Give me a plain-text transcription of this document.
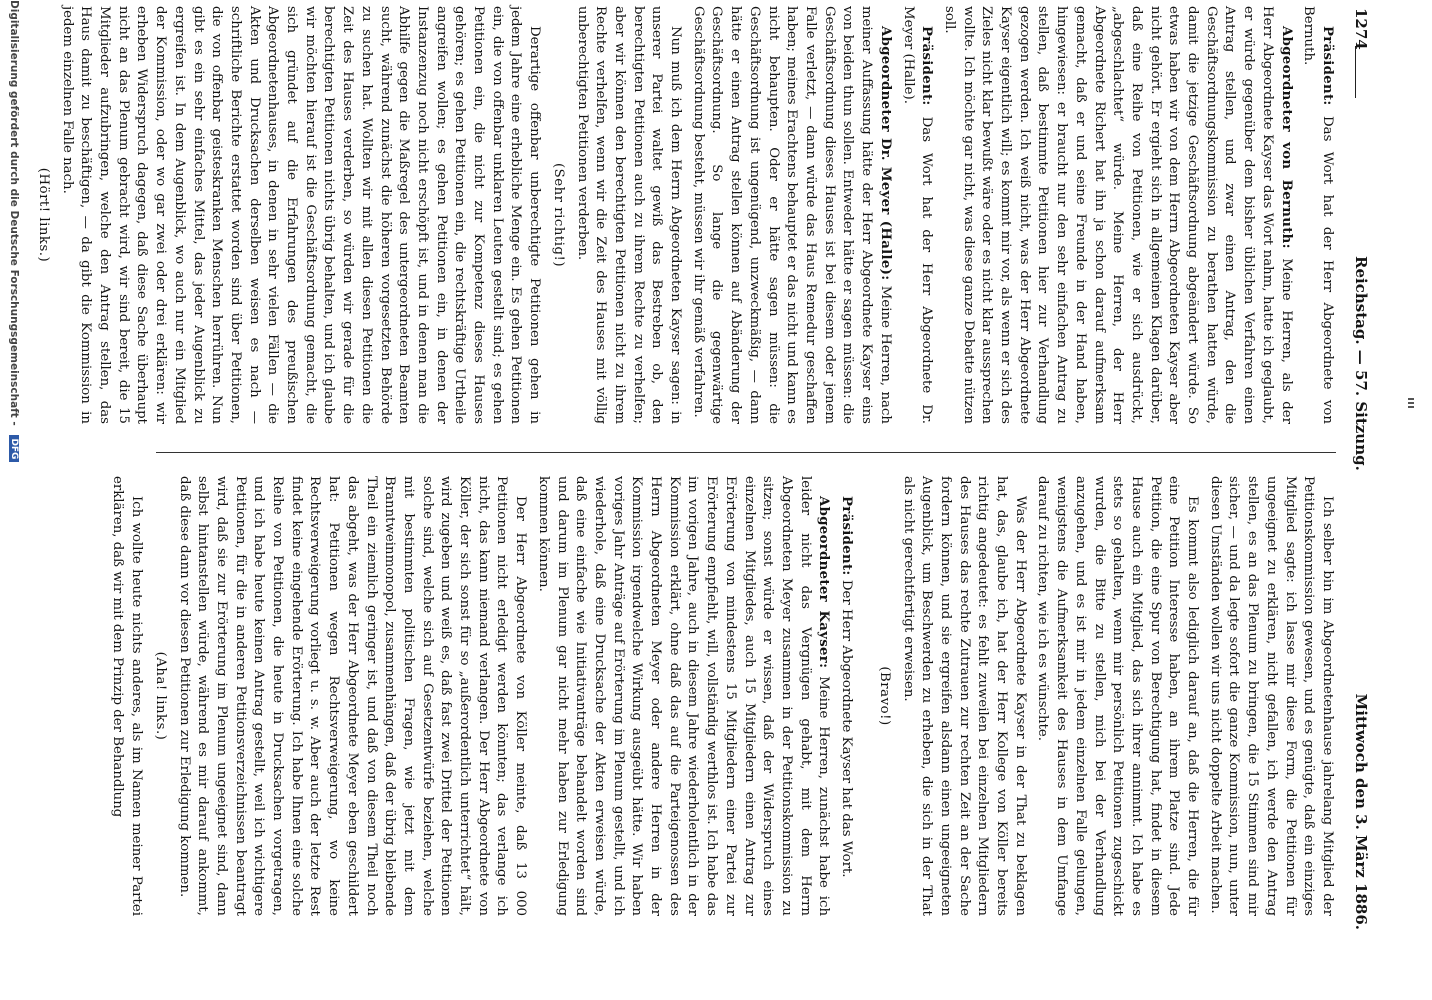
1274
Reichstag. — 57. Sitzung.
Mittwoch den 3. März 1886.

Präsident: Das Wort hat der Herr Abgeordnete von Bernuth.

Abgeordneter von Bernuth: Meine Herren, als der Herr Abgeordnete Kayser das Wort nahm, hatte ich geglaubt, er würde gegenüber dem bisher üblichen Verfahren einen Antrag stellen, und zwar einen Antrag, den die Geschäftsordnungskommission zu berathen hatten würde, damit die jetzige Geschäftsordnung abgeändert würde. So etwas haben wir von dem Herrn Abgeordneten Kayser aber nicht gehört. Er ergieht sich in allgemeinen Klagen darüber, daß eine Reihe von Petitionen, wie er sich ausdrückt, „abgeschlachtet“ würde. Meine Herren, der Herr Abgeordnete Richert hat ihn ja schon darauf aufmerksam gemacht, daß er und seine Freunde in der Hand haben, hingewiesen: er braucht nur den sehr einfachen Antrag zu stellen, daß bestimmte Petitionen hier zur Verhandlung gezogen werden. Ich weiß nicht, was der Herr Abgeordnete Kayser eigentlich will; es kommt mir vor, als wenn er sich des Zieles nicht klar bewußt wäre oder es nicht klar aussprechen wollte. Ich möchte gar nicht, was diese ganze Debatte nützen soll.

Präsident: Das Wort hat der Herr Abgeordnete Dr. Meyer (Halle).

Abgeordneter Dr. Meyer (Halle): Meine Herren, nach meiner Auffassung hätte der Herr Abgeordnete Kayser eins von beiden thun sollen. Entweder hätte er sagen müssen: die Geschäftsordnung dieses Hauses ist bei diesem oder jenem Falle verletzt, — dann würde das Haus Remedur geschaffen haben; meines Erachtens behauptet er das nicht und kann es nicht behaupten. Oder er hätte sagen müssen: die Geschäftsordnung ist ungenügend, unzweckmäßig, — dann hätte er einen Antrag stellen können auf Abänderung der Geschäftsordnung. So lange die gegenwärtige Geschäftsordnung besteht, müssen wir ihr gemäß verfahren.

Nun muß ich dem Herrn Abgeordneten Kayser sagen: in unserer Partei waltet gewiß das Bestreben ob, den berechtigten Petitionen auch zu ihrem Rechte zu verhelfen; aber wir können den berechtigten Petitionen nicht zu ihrem Rechte verhelfen, wenn wir die Zeit des Hauses mit völlig unberechtigten Petitionen verderben.

(Sehr richtig!)

Derartige offenbar unberechtigte Petitionen gehen in jedem Jahre eine erhebliche Menge ein. Es gehen Petitionen ein, die von offenbar unklaren Leuten gestellt sind; es gehen Petitionen ein, die nicht zur Kompetenz dieses Hauses gehören; es gehen Petitionen ein, die rechtskräftige Urtheile angreifen wollen; es gehen Petitionen ein, in denen der Instanzenzug noch nicht erschöpft ist, und in denen man die Abhilfe gegen die Maßregel des untergeordneten Beamten sucht, während zunächst die höheren vorgesetzten Behörde zu suchen hat. Wollten wir mit allen diesen Petitionen die Zeit des Hauses verderben, so würden wir gerade für die berechtigten Petitionen nichts übrig behalten, und ich glaube wir möchten hierauf ist die Geschäftsordnung gemacht, die sich gründet auf die Erfahrungen des preußischen Abgeordnetenhauses, in denen in sehr vielen Fällen — die Akten und Drucksachen derselben weisen es nach — schriftliche Berichte erstattet worden sind über Petitionen, die von offenbar geisteskranken Menschen herrühren. Nun gibt es ein sehr einfaches Mittel, das jeder Augenblick zu ergreifen ist. In dem Augenblick, wo auch nur ein Mitglied der Kommission, oder wo gar zwei oder drei erklären: wir erheben Widerspruch dagegen, daß diese Sache überhaupt nicht an das Plenum gebracht wird, wir sind bereit, die 15 Mitglieder aufzubringen, welche den Antrag stellen, das Haus damit zu beschäftigen, — da gibt die Kommission in jedem einzelnen Falle nach.

(Hört! links.)

Ich selber bin im Abgeordnetenhause jahrelang Mitglied der Petitionskommission gewesen, und es genügte, daß ein einziges Mitglied sagte: ich lasse mir diese Form, die Petitionen für ungeeignet zu erklären, nicht gefallen, ich werde den Antrag stellen, es an das Plenum zu bringen, die 15 Stimmen sind mir sicher, — und da legte sofort die ganze Kommission, nun, unter diesen Umständen wollen wir uns nicht doppelte Arbeit machen.

Es kommt also lediglich darauf an, daß die Herren, die für eine Petition Interesse haben, an ihrem Platze sind. Jede Petition, die eine Spur von Berechtigung hat, findet in diesem Hause auch ein Mitglied, das sich ihrer annimmt. Ich habe es stets so gehalten, wenn mir persönlich Petitionen zugeschickt wurden, die Bitte zu stellen, mich bei der Verhandlung anzugehen, und es ist mir in jedem einzelnen Falle gelungen, wenigstens die Aufmerksamkeit des Hauses in dem Umfange darauf zu richten, wie ich es wünschte.

Was der Herr Abgeordnete Kayser in der That zu beklagen hat, das, glaube ich, hat der Herr Kollege von Köller bereits richtig angedeutet: es fehlt zuweilen bei einzelnen Mitgliedern des Hauses das rechte Zutrauen zur rechten Zeit an der Sache fordern können, und sie ergreifen alsdann einen ungeeigneten Augenblick, um Beschwerden zu erheben, die sich in der That als nicht gerechtfertigt erweisen.

(Bravo!)

Präsident: Der Herr Abgeordnete Kayser hat das Wort.

Abgeordneter Kayser: Meine Herren, zunächst habe ich leider nicht das Vergnügen gehabt, mit dem Herrn Abgeordneten Meyer zusammen in der Petitionskommission zu sitzen; sonst würde er wissen, daß der Widerspruch eines einzelnen Mitgliedes, auch 15 Mitgliedern einen Antrag zur Erörterung von mindestens 15 Mitgliedern einer Partei zur Erörterung empfiehlt, will, vollständig werthlos ist. Ich habe das im vorigen Jahre, auch in diesem Jahre wiederholentlich in der Kommission erklärt, ohne daß das auf die Parteigenossen des Herrn Abgeordneten Meyer oder andere Herren in der Kommission irgendwelche Wirkung ausgeübt hätte. Wir haben voriges Jahr Anträge auf Erörterung im Plenum gestellt, und ich wiederhole, daß eine Drucksache der Akten erweisen würde, daß eine einfache wie Initiativanträge behandelt worden sind und darum im Plenum gar nicht mehr haben zur Erledigung kommen können.

Der Herr Abgeordnete von Köller meinte, daß 13 000 Petitionen nicht erledigt werden könnten; das verlange ich nicht, das kann niemand verlangen. Der Herr Abgeordnete von Köller, der sich sonst für so „außerordentlich unterrichtet“ hält, wird zugeben und weiß es, daß fast zwei Drittel der Petitionen solche sind, welche sich auf Gesetzentwürfe beziehen, welche mit bestimmten politischen Fragen, wie jetzt mit dem Branntweinmonopol, zusammenhängen, daß der übrig bleibende Theil ein ziemlich geringer ist, und daß von diesem Theil noch das abgeht, was der Herr Abgeordnete Meyer eben geschildert hat: Petitionen wegen Rechtsverweigerung, wo keine Rechtsverweigerung vorliegt u. s. w. Aber auch der letzte Rest findet keine eingehende Erörterung. Ich habe Ihnen eine solche Reihe von Petitionen, die heute in Drucksachen vorgetragen, und ich habe heute keinen Antrag gestellt, weil ich wichtigere Petitionen, für die in anderen Petitionsverzeichnissen beantragt wird, daß sie zur Erörterung im Plenum ungeeignet sind, dann selbst hintanstellen würde, während es mir darauf ankommt, daß diese dann vor diesen Petitionen zur Erledigung kommen.

(Aha! links.)

Ich wollte heute nichts anderes, als im Namen meiner Partei erklären, daß wir mit dem Prinzip der Behandlung

Digitalisierung gefördert durch die Deutsche Forschungsgemeinschaft - DFG
